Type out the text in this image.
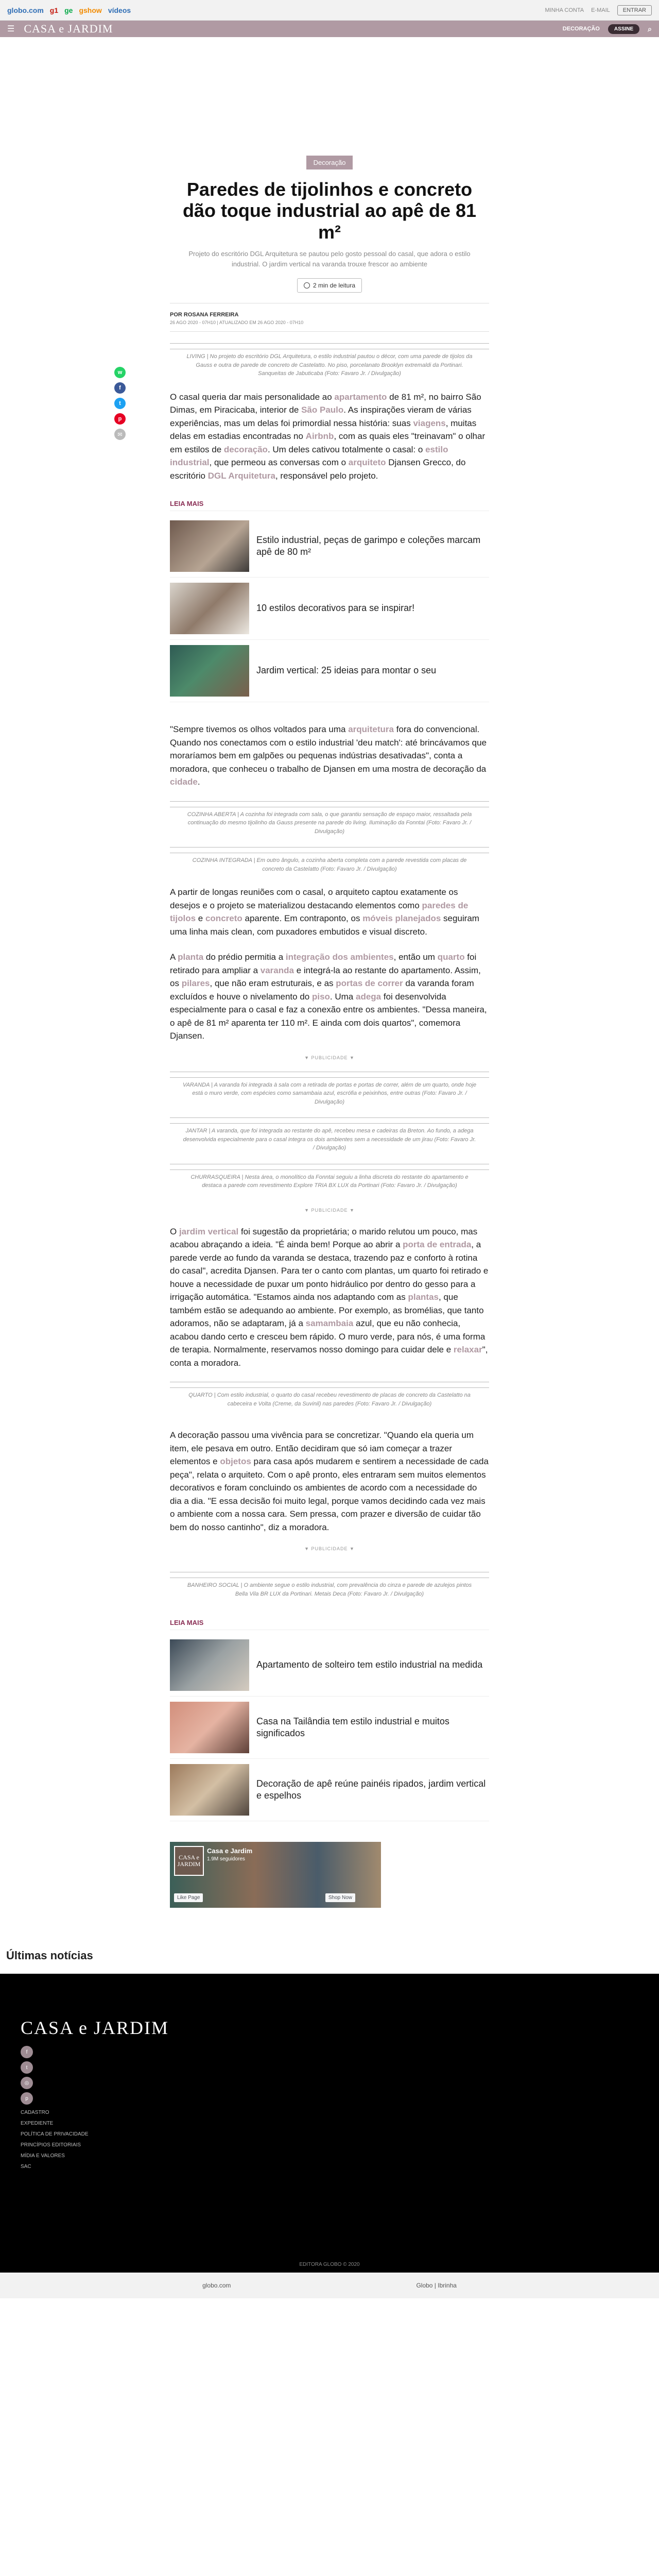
globo.com g1 ge gshow vídeos	MINHA CONTA E-MAIL	ENTRAR
☰ CASA e JARDIM	DECORAÇÃO	ASSINE	⌕
w
f
t
p
✉
Decoração
Paredes de tijolinhos e concreto dão toque industrial ao apê de 81 m²

Projeto do escritório DGL Arquitetura se pautou pelo gosto pessoal do casal, que adora o estilo industrial. O jardim vertical na varanda trouxe frescor ao ambiente

2 min de leitura
POR ROSANA FERREIRA
26 AGO 2020 - 07H10 | ATUALIZADO EM 26 AGO 2020 - 07H10

LIVING | No projeto do escritório DGL Arquitetura, o estilo industrial pautou o décor, com uma parede de tijolos da Gauss e outra de parede de concreto de Castelatto. No piso, porcelanato Brooklyn extremaldi da Portinari. Sanqueitas de Jabuticaba (Foto: Favaro Jr. / Divulgação)

O casal queria dar mais personalidade ao apartamento de 81 m², no bairro São Dimas, em Piracicaba, interior de São Paulo. As inspirações vieram de várias experiências, mas um delas foi primordial nessa história: suas viagens, muitas delas em estadias encontradas no Airbnb, com as quais eles "treinavam" o olhar em estilos de decoração. Um deles cativou totalmente o casal: o estilo industrial, que permeou as conversas com o arquiteto Djansen Grecco, do escritório DGL Arquitetura, responsável pelo projeto.

LEIA MAIS
Estilo industrial, peças de garimpo e coleções marcam apê de 80 m²
10 estilos decorativos para se inspirar!
Jardim vertical: 25 ideias para montar o seu

"Sempre tivemos os olhos voltados para uma arquitetura fora do convencional. Quando nos conectamos com o estilo industrial 'deu match': até brincávamos que moraríamos bem em galpões ou pequenas indústrias desativadas", conta a moradora, que conheceu o trabalho de Djansen em uma mostra de decoração da cidade.

COZINHA ABERTA | A cozinha foi integrada com sala, o que garantiu sensação de espaço maior, ressaltada pela continuação do mesmo tijolinho da Gauss presente na parede do living. Iluminação da Fonntai (Foto: Favaro Jr. / Divulgação)

COZINHA INTEGRADA | Em outro ângulo, a cozinha aberta completa com a parede revestida com placas de concreto da Castelatto (Foto: Favaro Jr. / Divulgação)

A partir de longas reuniões com o casal, o arquiteto captou exatamente os desejos e o projeto se materializou destacando elementos como paredes de tijolos e concreto aparente. Em contraponto, os móveis planejados seguiram uma linha mais clean, com puxadores embutidos e visual discreto.

A planta do prédio permitia a integração dos ambientes, então um quarto foi retirado para ampliar a varanda e integrá-la ao restante do apartamento. Assim, os pilares, que não eram estruturais, e as portas de correr da varanda foram excluídos e houve o nivelamento do piso. Uma adega foi desenvolvida especialmente para o casal e faz a conexão entre os ambientes. "Dessa maneira, o apê de 81 m² aparenta ter 110 m². E ainda com dois quartos", comemora Djansen.

▼ PUBLICIDADE ▼

VARANDA | A varanda foi integrada à sala com a retirada de portas e portas de correr, além de um quarto, onde hoje está o muro verde, com espécies como samambaia azul, escrófia e peixinhos, entre outras (Foto: Favaro Jr. / Divulgação)

JANTAR | A varanda, que foi integrada ao restante do apê, recebeu mesa e cadeiras da Breton. Ao fundo, a adega desenvolvida especialmente para o casal integra os dois ambientes sem a necessidade de um jirau (Foto: Favaro Jr. / Divulgação)

CHURRASQUEIRA | Nesta área, o monolítico da Fonntai seguiu a linha discreta do restante do apartamento e destaca a parede com revestimento Explore TRIA BX LUX da Portinari (Foto: Favaro Jr. / Divulgação)

▼ PUBLICIDADE ▼

O jardim vertical foi sugestão da proprietária; o marido relutou um pouco, mas acabou abraçando a ideia. "É ainda bem! Porque ao abrir a porta de entrada, a parede verde ao fundo da varanda se destaca, trazendo paz e conforto à rotina do casal", acredita Djansen. Para ter o canto com plantas, um quarto foi retirado e houve a necessidade de puxar um ponto hidráulico por dentro do gesso para a irrigação automática. "Estamos ainda nos adaptando com as plantas, que também estão se adequando ao ambiente. Por exemplo, as bromélias, que tanto adoramos, não se adaptaram, já a samambaia azul, que eu não conhecia, acabou dando certo e cresceu bem rápido. O muro verde, para nós, é uma forma de terapia. Normalmente, reservamos nosso domingo para cuidar dele e relaxar", conta a moradora.

QUARTO | Com estilo industrial, o quarto do casal recebeu revestimento de placas de concreto da Castelatto na cabeceira e Volta (Creme, da Suvinil) nas paredes (Foto: Favaro Jr. / Divulgação)

A decoração passou uma vivência para se concretizar. "Quando ela queria um item, ele pesava em outro. Então decidiram que só iam começar a trazer elementos e objetos para casa após mudarem e sentirem a necessidade de cada peça", relata o arquiteto. Com o apê pronto, eles entraram sem muitos elementos decorativos e foram concluindo os ambientes de acordo com a necessidade do dia a dia. "E essa decisão foi muito legal, porque vamos decidindo cada vez mais o ambiente com a nossa cara. Sem pressa, com prazer e diversão de cuidar tão bem do nosso cantinho", diz a moradora.

▼ PUBLICIDADE ▼

BANHEIRO SOCIAL | O ambiente segue o estilo industrial, com prevalência do cinza e parede de azulejos pintos Bella Vila BR LUX da Portinari. Metais Deca (Foto: Favaro Jr. / Divulgação)

LEIA MAIS
Apartamento de solteiro tem estilo industrial na medida
Casa na Tailândia tem estilo industrial e muitos significados
Decoração de apê reúne painéis ripados, jardim vertical e espelhos
CASA e JARDIM
Casa e Jardim
1.9M seguidores
Like Page	Shop Now
Últimas notícias
CASA e JARDIM
f
t
◎
p
CADASTRO
EXPEDIENTE
POLÍTICA DE PRIVACIDADE
PRINCÍPIOS EDITORIAIS
MÍDIA E VALORES
SAC
EDITORA GLOBO © 2020
globo.com	Globo | Ibrinha
